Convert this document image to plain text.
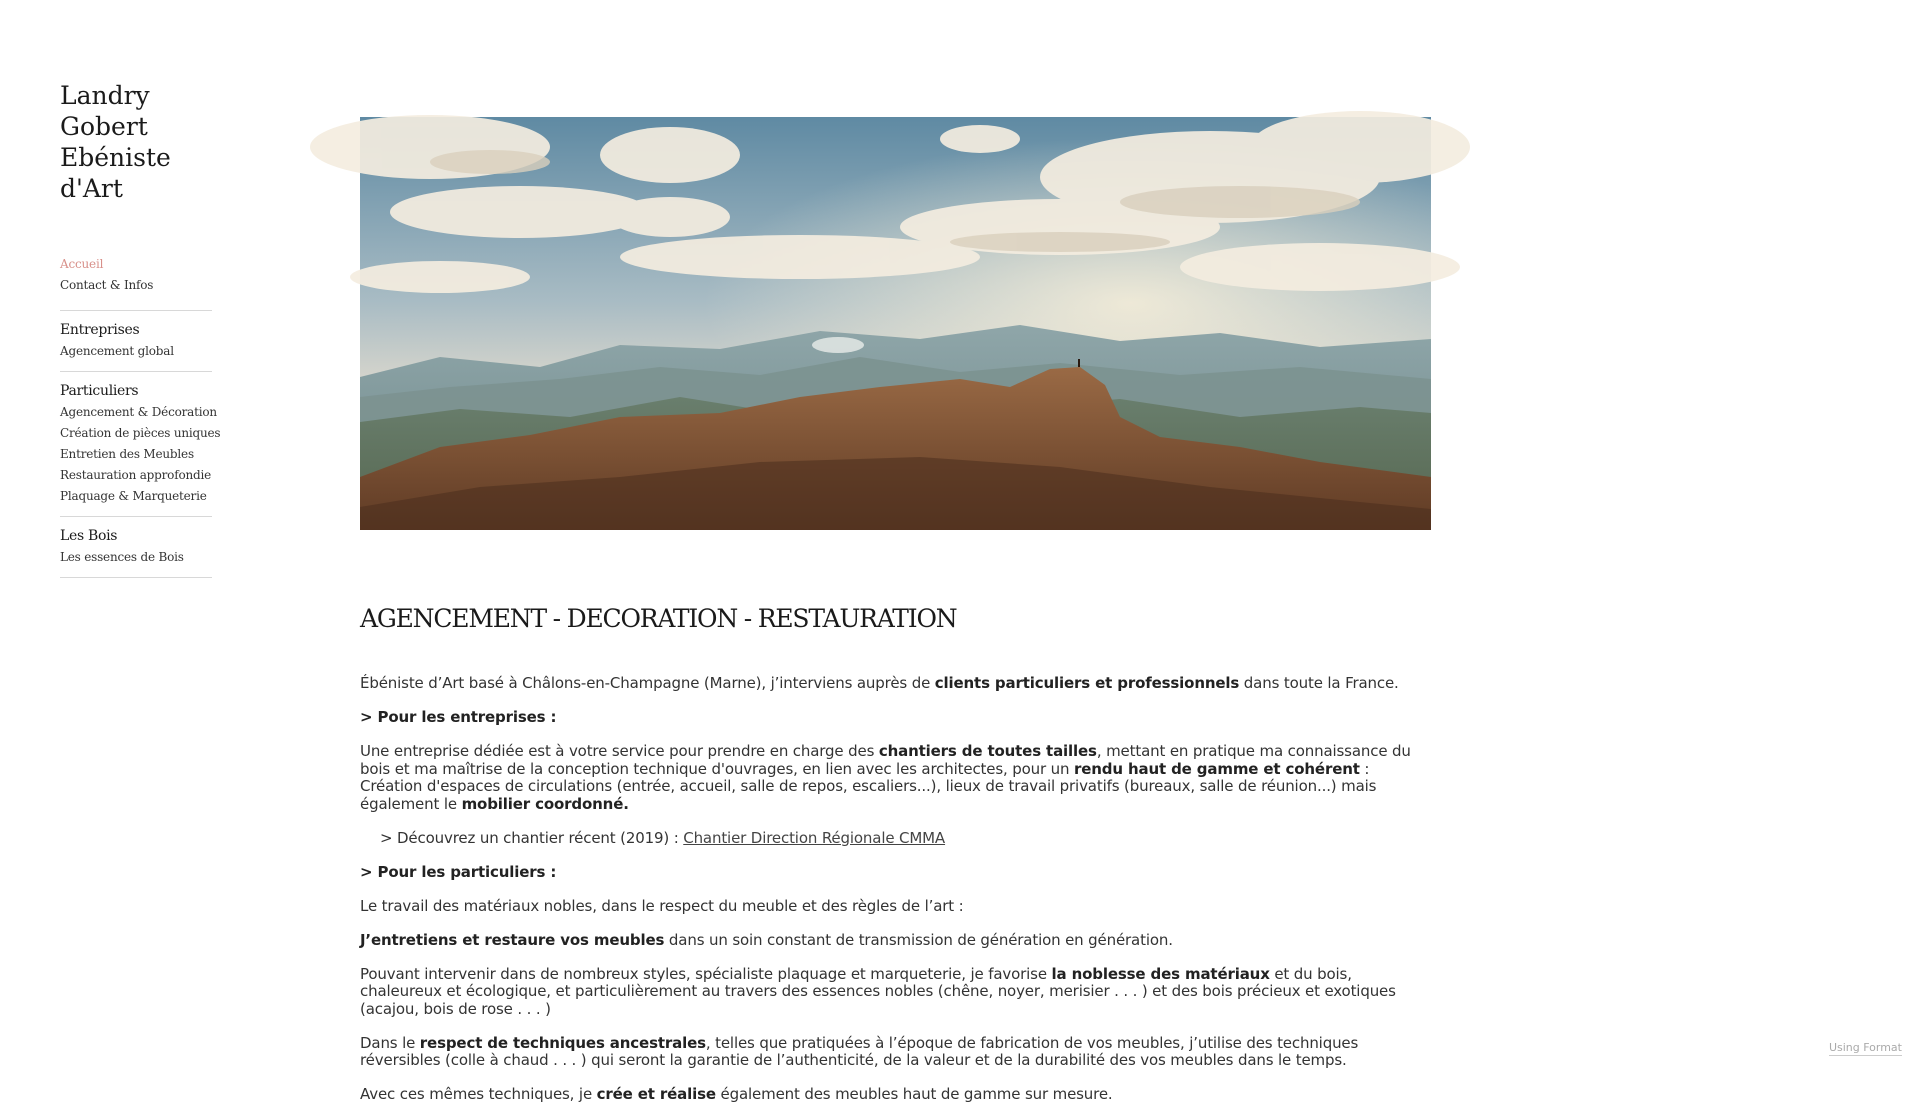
Landry
Gobert
Ebéniste
d'Art
Accueil
Contact & Infos
Entreprises
Agencement global
Particuliers
Agencement & Décoration
Création de pièces uniques
Entretien des Meubles
Restauration approfondie
Plaquage & Marqueterie
Les Bois
Les essences de Bois
AGENCEMENT - DECORATION - RESTAURATION

Ébéniste d’Art basé à Châlons-en-Champagne (Marne), j’interviens auprès de clients particuliers et professionnels dans toute la France.

> Pour les entreprises :

Une entreprise dédiée est à votre service pour prendre en charge des chantiers de toutes tailles, mettant en pratique ma connaissance du bois et ma maîtrise de la conception technique d'ouvrages, en lien avec les architectes, pour un rendu haut de gamme et cohérent : Création d'espaces de circulations (entrée, accueil, salle de repos, escaliers...), lieux de travail privatifs (bureaux, salle de réunion...) mais également le mobilier coordonné.

> Découvrez un chantier récent (2019) : Chantier Direction Régionale CMMA

> Pour les particuliers :

Le travail des matériaux nobles, dans le respect du meuble et des règles de l’art :

J’entretiens et restaure vos meubles dans un soin constant de transmission de génération en génération.

Pouvant intervenir dans de nombreux styles, spécialiste plaquage et marqueterie, je favorise la noblesse des matériaux et du bois, chaleureux et écologique, et particulièrement au travers des essences nobles (chêne, noyer, merisier . . . ) et des bois précieux et exotiques (acajou, bois de rose . . . )

Dans le respect de techniques ancestrales, telles que pratiquées à l’époque de fabrication de vos meubles, j’utilise des techniques réversibles (colle à chaud . . . ) qui seront la garantie de l’authenticité, de la valeur et de la durabilité des vos meubles dans le temps.

Avec ces mêmes techniques, je crée et réalise également des meubles haut de gamme sur mesure.

Using Format
